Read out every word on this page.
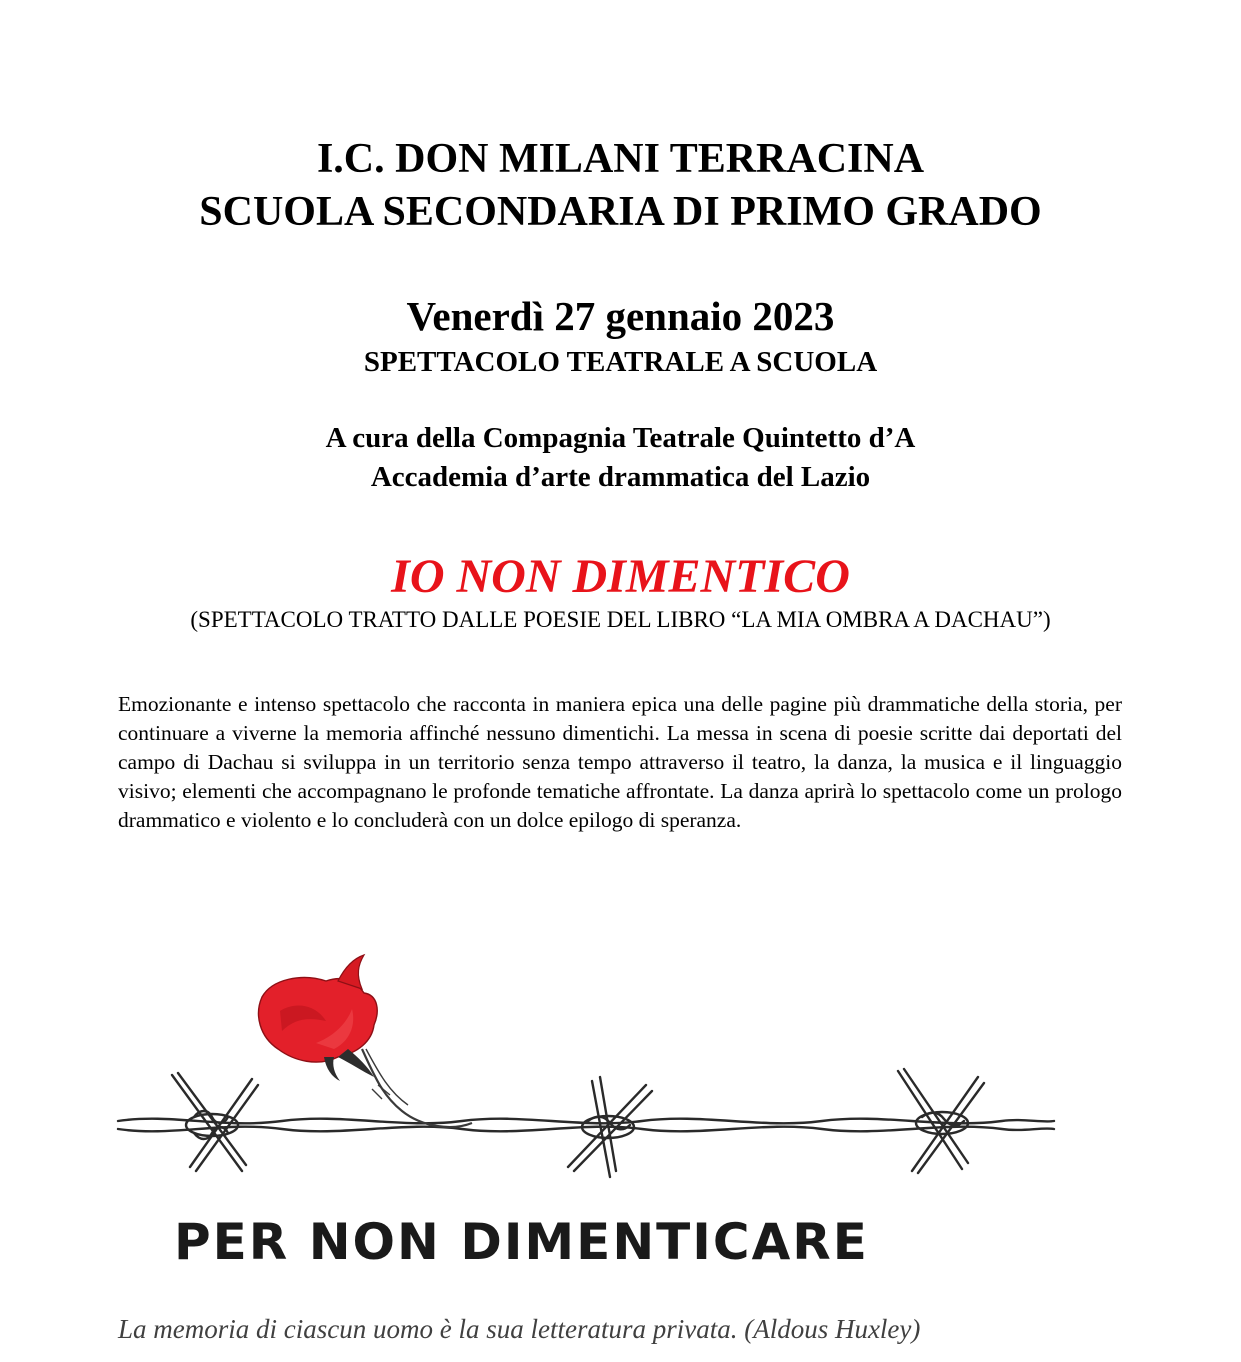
I.C. DON MILANI TERRACINA
SCUOLA SECONDARIA DI PRIMO GRADO
Venerdì 27 gennaio 2023
SPETTACOLO TEATRALE A SCUOLA
A cura della Compagnia Teatrale Quintetto d’A
Accademia d’arte drammatica del Lazio
IO NON DIMENTICO
(SPETTACOLO TRATTO DALLE POESIE DEL LIBRO “LA MIA OMBRA A DACHAU”)
Emozionante e intenso spettacolo che racconta in maniera epica una delle pagine più drammatiche della storia, per continuare a viverne la memoria affinché nessuno dimentichi. La messa in scena di poesie scritte dai deportati del campo di Dachau si sviluppa in un territorio senza tempo attraverso il teatro, la danza, la musica e il linguaggio visivo; elementi che accompagnano le profonde tematiche affrontate. La danza aprirà lo spettacolo come un prologo drammatico e violento e lo concluderà con un dolce epilogo di speranza.
PER NON DIMENTICARE
La memoria di ciascun uomo è la sua letteratura privata. (Aldous Huxley)
